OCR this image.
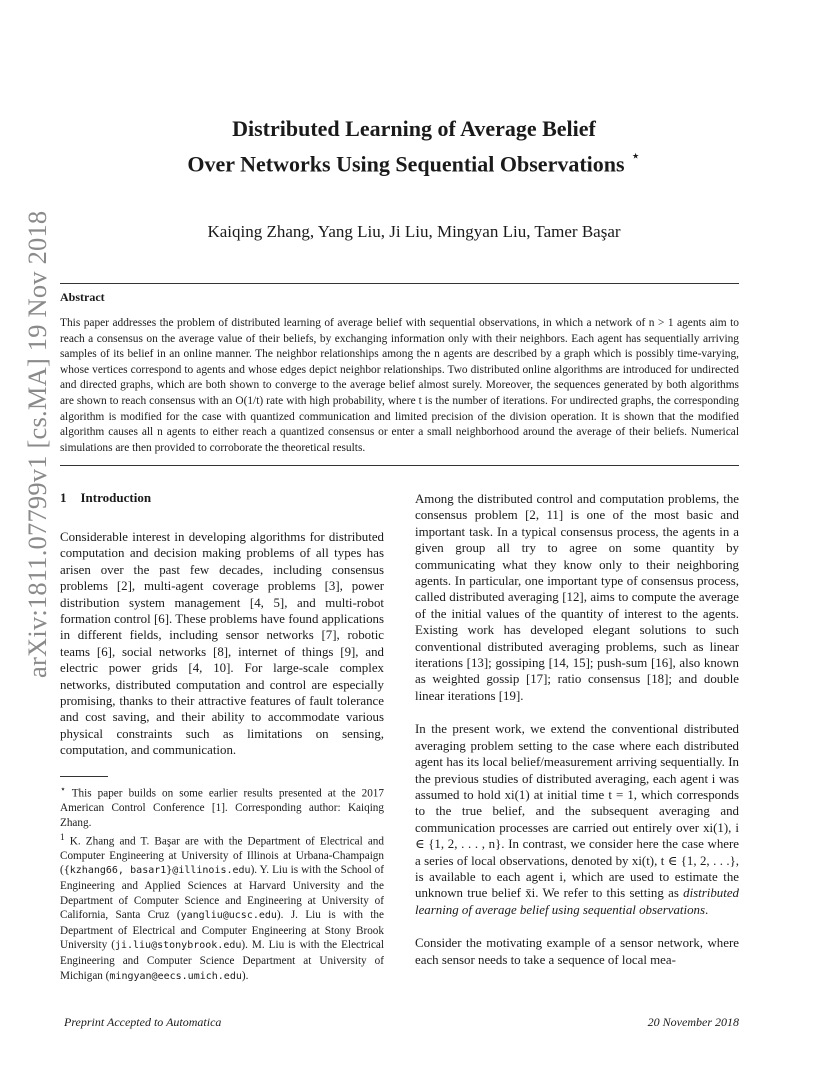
arXiv:1811.07799v1 [cs.MA] 19 Nov 2018
Distributed Learning of Average Belief
Over Networks Using Sequential Observations ⋆
Kaiqing Zhang, Yang Liu, Ji Liu, Mingyan Liu, Tamer Başar
Abstract
This paper addresses the problem of distributed learning of average belief with sequential observations, in which a network of n > 1 agents aim to reach a consensus on the average value of their beliefs, by exchanging information only with their neighbors. Each agent has sequentially arriving samples of its belief in an online manner. The neighbor relationships among the n agents are described by a graph which is possibly time-varying, whose vertices correspond to agents and whose edges depict neighbor relationships. Two distributed online algorithms are introduced for undirected and directed graphs, which are both shown to converge to the average belief almost surely. Moreover, the sequences generated by both algorithms are shown to reach consensus with an O(1/t) rate with high probability, where t is the number of iterations. For undirected graphs, the corresponding algorithm is modified for the case with quantized communication and limited precision of the division operation. It is shown that the modified algorithm causes all n agents to either reach a quantized consensus or enter a small neighborhood around the average of their beliefs. Numerical simulations are then provided to corroborate the theoretical results.
1 Introduction

Considerable interest in developing algorithms for distributed computation and decision making problems of all types has arisen over the past few decades, including consensus problems [2], multi-agent coverage problems [3], power distribution system management [4, 5], and multi-robot formation control [6]. These problems have found applications in different fields, including sensor networks [7], robotic teams [6], social networks [8], internet of things [9], and electric power grids [4, 10]. For large-scale complex networks, distributed computation and control are especially promising, thanks to their attractive features of fault tolerance and cost saving, and their ability to accommodate various physical constraints such as limitations on sensing, computation, and communication.

⋆ This paper builds on some earlier results presented at the 2017 American Control Conference [1]. Corresponding author: Kaiqing Zhang.

$^1$ K. Zhang and T. Başar are with the Department of Electrical and Computer Engineering at University of Illinois at Urbana-Champaign ({kzhang66, basar1}@illinois.edu). Y. Liu is with the School of Engineering and Applied Sciences at Harvard University and the Department of Computer Science and Engineering at University of California, Santa Cruz (yangliu@ucsc.edu). J. Liu is with the Department of Electrical and Computer Engineering at Stony Brook University (ji.liu@stonybrook.edu). M. Liu is with the Electrical Engineering and Computer Science Department at University of Michigan (mingyan@eecs.umich.edu).

Among the distributed control and computation problems, the consensus problem [2, 11] is one of the most basic and important task. In a typical consensus process, the agents in a given group all try to agree on some quantity by communicating what they know only to their neighboring agents. In particular, one important type of consensus process, called distributed averaging [12], aims to compute the average of the initial values of the quantity of interest to the agents. Existing work has developed elegant solutions to such conventional distributed averaging problems, such as linear iterations [13]; gossiping [14, 15]; push-sum [16], also known as weighted gossip [17]; ratio consensus [18]; and double linear iterations [19].

In the present work, we extend the conventional distributed averaging problem setting to the case where each distributed agent has its local belief/measurement arriving sequentially. In the previous studies of distributed averaging, each agent i was assumed to hold xi(1) at initial time t = 1, which corresponds to the true belief, and the subsequent averaging and communication processes are carried out entirely over xi(1), i ∈ {1, 2, . . . , n}. In contrast, we consider here the case where a series of local observations, denoted by xi(t), t ∈ {1, 2, . . .}, is available to each agent i, which are used to estimate the unknown true belief x̄i. We refer to this setting as distributed learning of average belief using sequential observations.

Consider the motivating example of a sensor network, where each sensor needs to take a sequence of local mea-

Preprint Accepted to Automatica	20 November 2018
